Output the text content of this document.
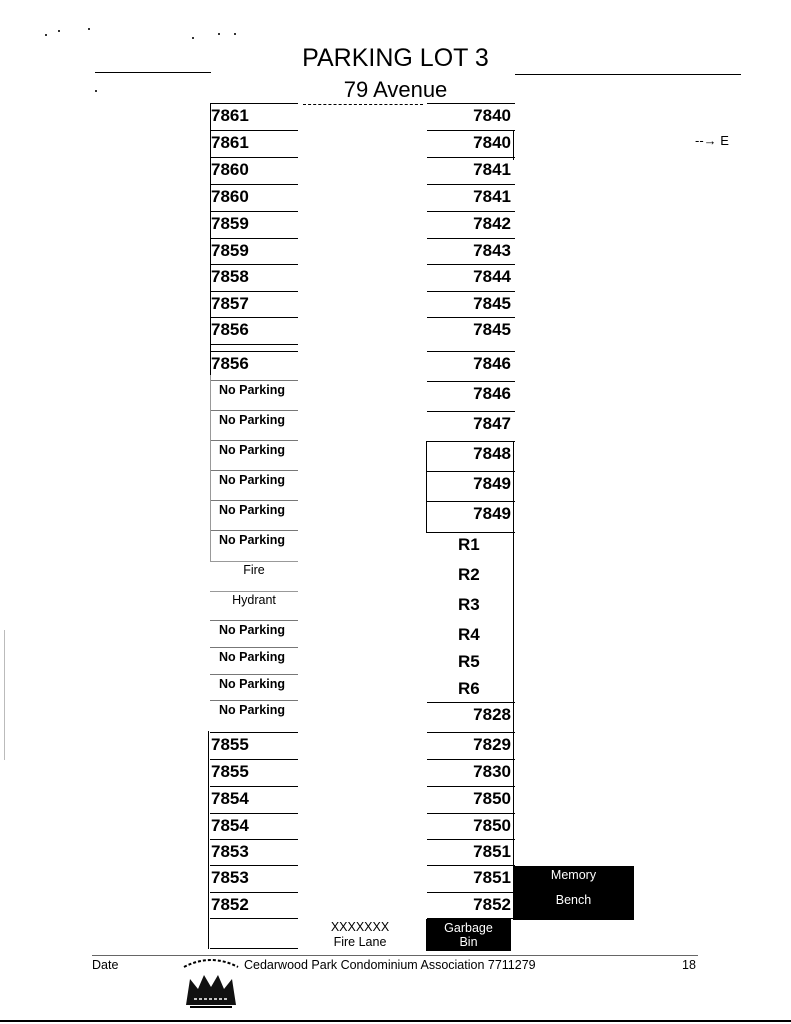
PARKING LOT 3
79 Avenue
--→ E
7861
7861
7860
7860
7859
7859
7858
7857
7856
7856
No Parking
No Parking
No Parking
No Parking
No Parking
No Parking
Fire
Hydrant
No Parking
No Parking
No Parking
No Parking
7855
7855
7854
7854
7853
7853
7852
7840
7840
7841
7841
7842
7843
7844
7845
7845
7846
7846
7847
7848
7849
7849
R1
R2
R3
R4
R5
R6
7828
7829
7830
7850
7850
7851
7851
7852
XXXXXXX
Fire Lane
Garbage
Bin
Memory
Bench
Date	Cedarwood Park Condominium Association 7711279	18
